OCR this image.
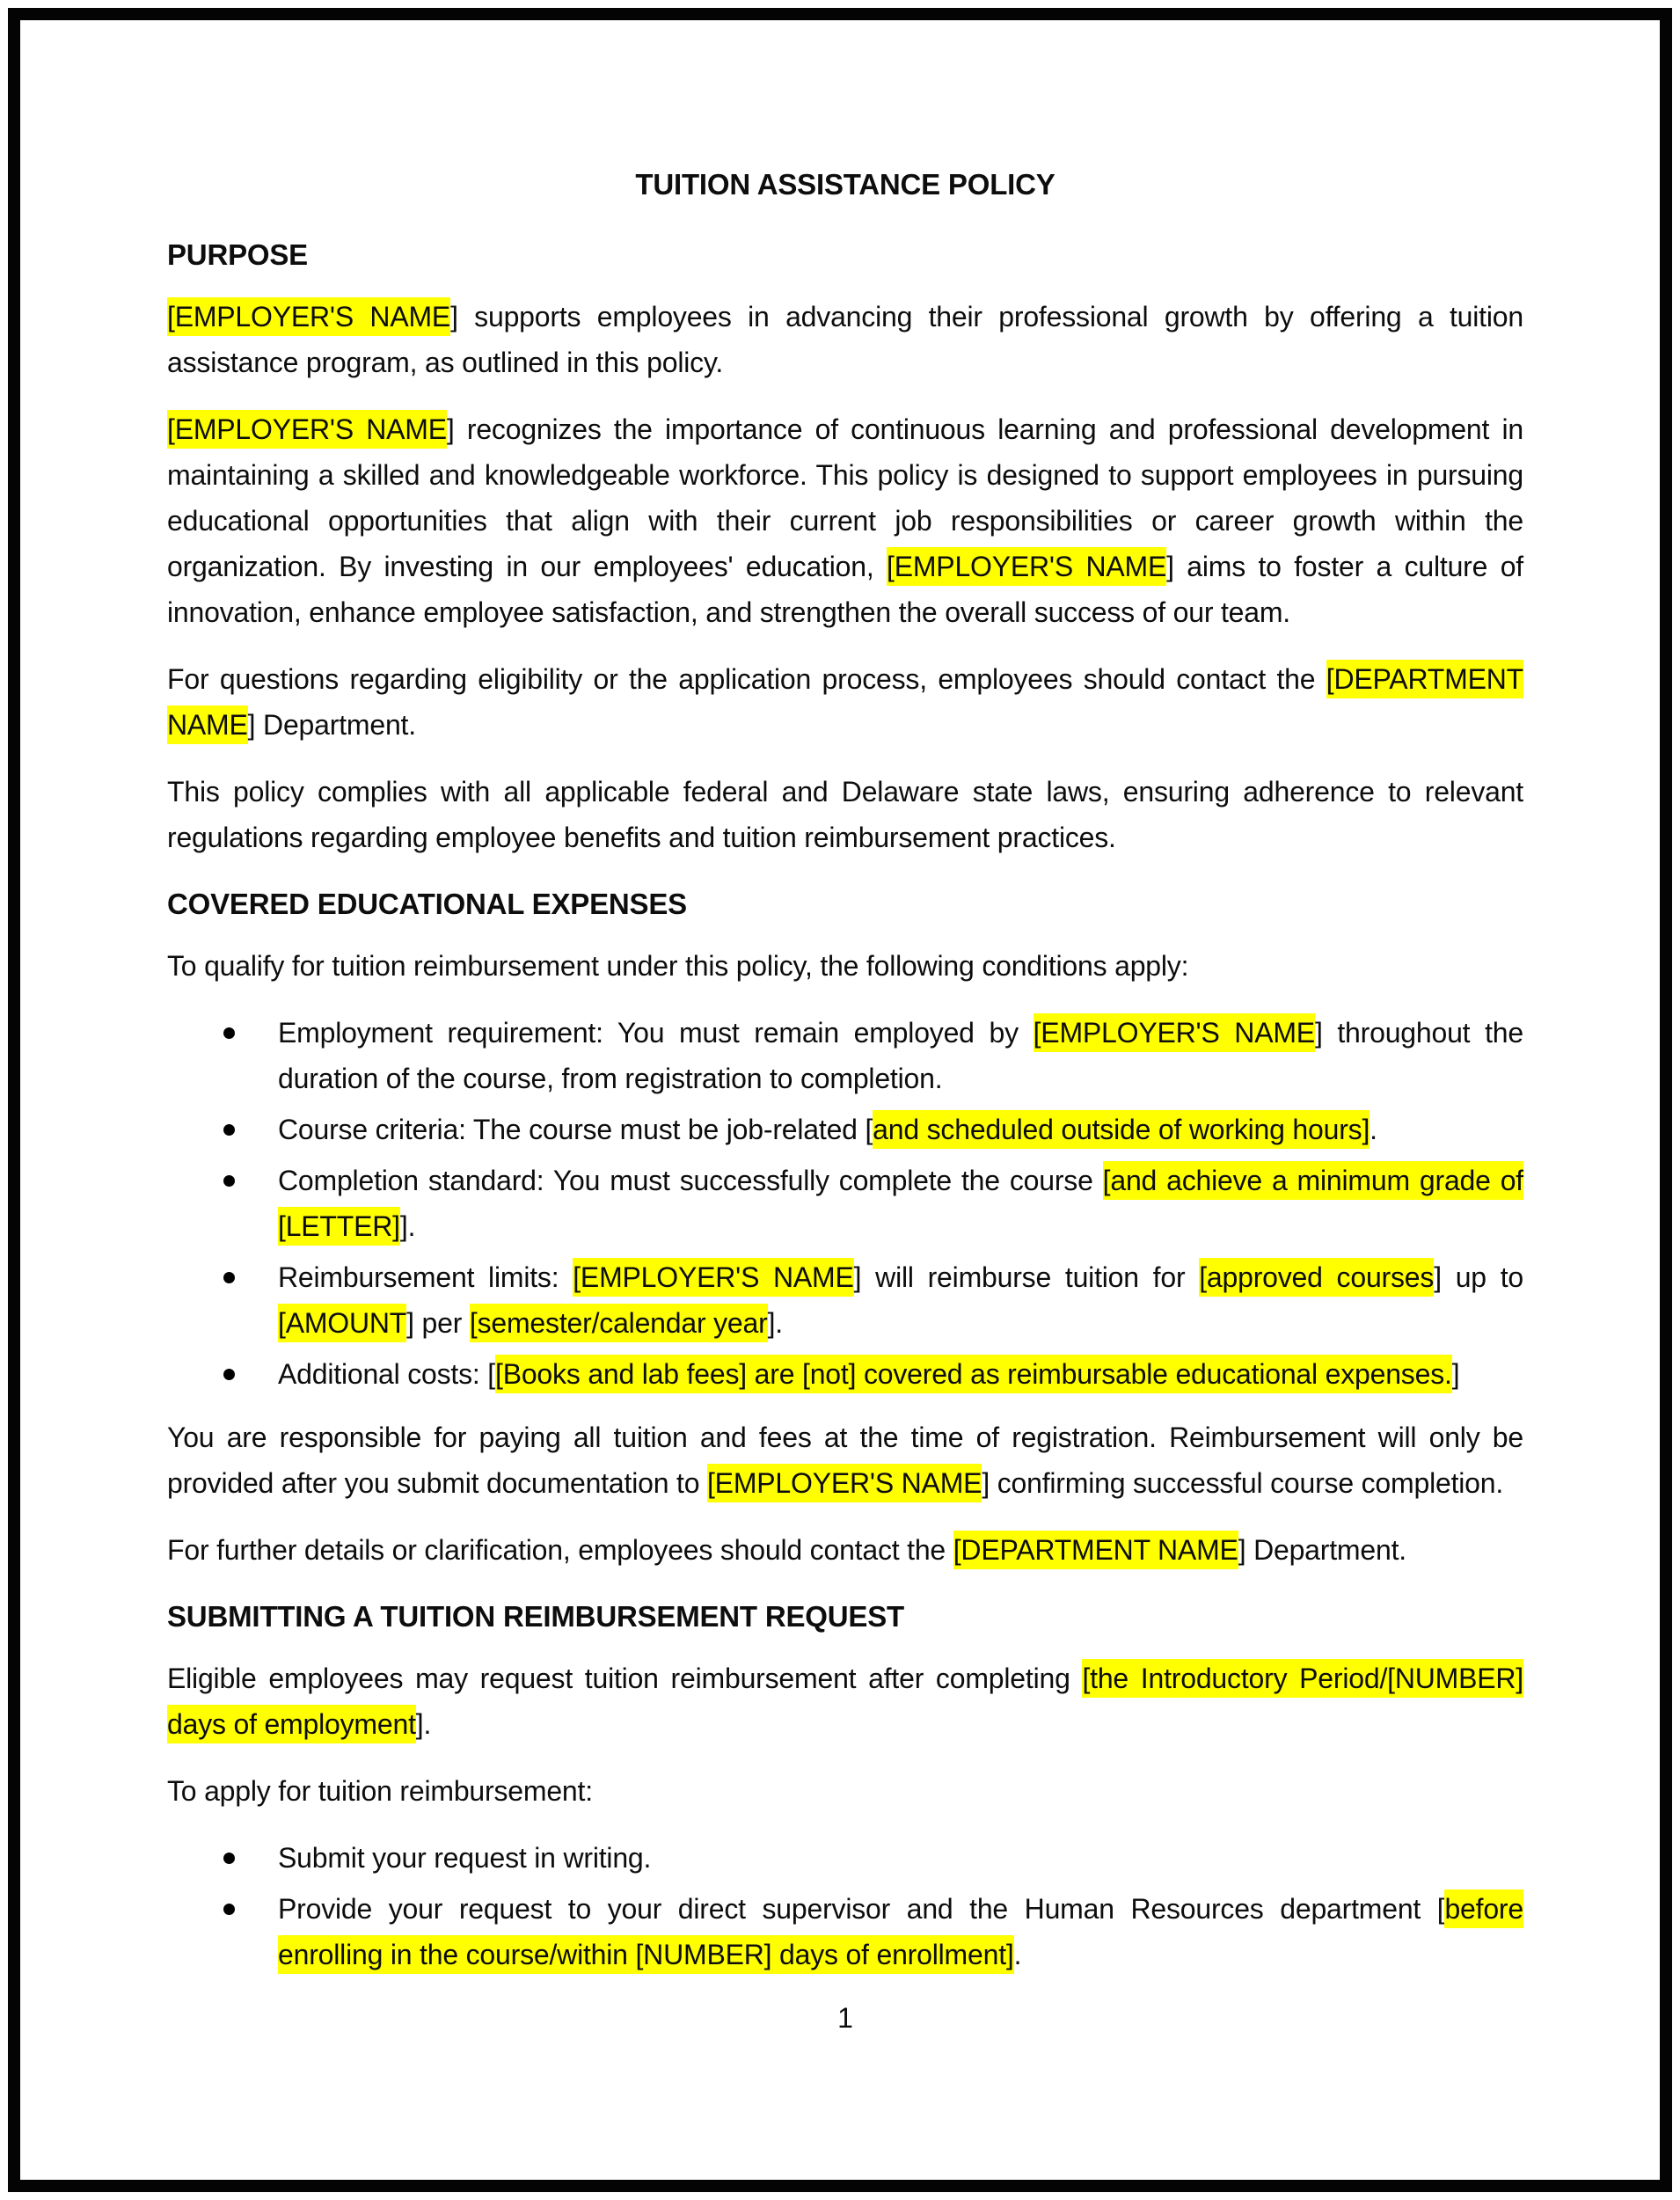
TUITION ASSISTANCE POLICY
PURPOSE

[EMPLOYER'S NAME] supports employees in advancing their professional growth by offering a tuition assistance program, as outlined in this policy.

[EMPLOYER'S NAME] recognizes the importance of continuous learning and professional development in maintaining a skilled and knowledgeable workforce. This policy is designed to support employees in pursuing educational opportunities that align with their current job responsibilities or career growth within the organization. By investing in our employees' education, [EMPLOYER'S NAME] aims to foster a culture of innovation, enhance employee satisfaction, and strengthen the overall success of our team.

For questions regarding eligibility or the application process, employees should contact the [DEPARTMENT NAME] Department.

This policy complies with all applicable federal and Delaware state laws, ensuring adherence to relevant regulations regarding employee benefits and tuition reimbursement practices.

COVERED EDUCATIONAL EXPENSES

To qualify for tuition reimbursement under this policy, the following conditions apply:

Employment requirement: You must remain employed by [EMPLOYER'S NAME] throughout the duration of the course, from registration to completion.
Course criteria: The course must be job-related [and scheduled outside of working hours].
Completion standard: You must successfully complete the course [and achieve a minimum grade of [LETTER]].
Reimbursement limits: [EMPLOYER'S NAME] will reimburse tuition for [approved courses] up to [AMOUNT] per [semester/calendar year].
Additional costs: [[Books and lab fees] are [not] covered as reimbursable educational expenses.]

You are responsible for paying all tuition and fees at the time of registration. Reimbursement will only be provided after you submit documentation to [EMPLOYER'S NAME] confirming successful course completion.

For further details or clarification, employees should contact the [DEPARTMENT NAME] Department.

SUBMITTING A TUITION REIMBURSEMENT REQUEST

Eligible employees may request tuition reimbursement after completing [the Introductory Period/[NUMBER] days of employment].

To apply for tuition reimbursement:

Submit your request in writing.
Provide your request to your direct supervisor and the Human Resources department [before enrolling in the course/within [NUMBER] days of enrollment].
1
